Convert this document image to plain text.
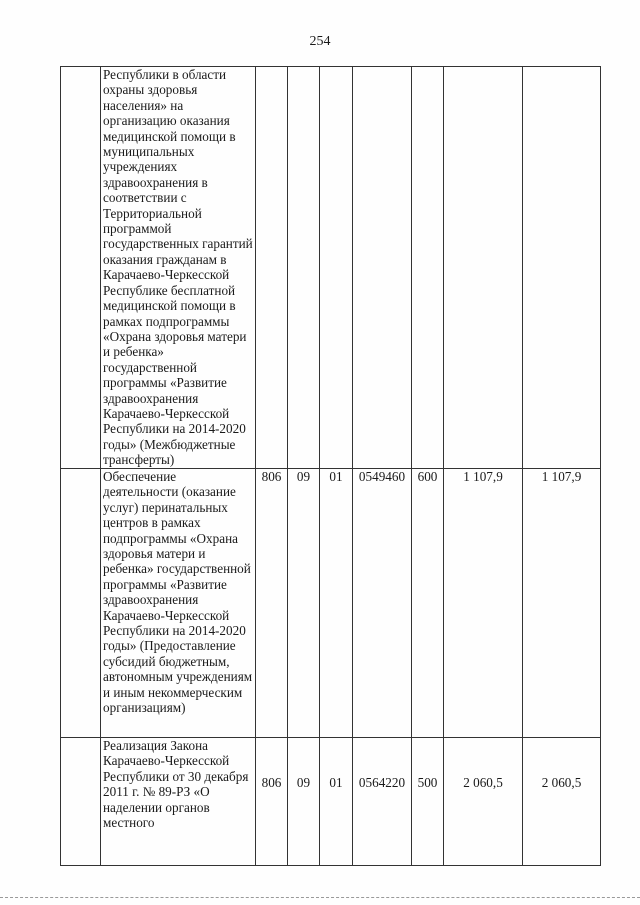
254
	Республики в области охраны здоровья населения» на организацию оказания медицинской помощи в муниципальных учреждениях здравоохранения в соответствии с Территориальной программой государственных гарантий оказания гражданам в Карачаево-Черкесской Республике бесплатной медицинской помощи в рамках подпрограммы «Охрана здоровья матери и ребенка» государственной программы «Развитие здравоохранения Карачаево-Черкесской Республики на 2014-2020 годы» (Межбюджетные трансферты)							
	Обеспечение деятельности (оказание услуг) перинатальных центров в рамках подпрограммы «Охрана здоровья матери и ребенка» государственной программы «Развитие здравоохранения Карачаево-Черкесской Республики на 2014-2020 годы» (Предоставление субсидий бюджетным, автономным учреждениям и иным некоммерческим организациям)	806	09	01	0549460	600	1 107,9	1 107,9
	Реализация Закона Карачаево-Черкесской Республики от 30 декабря 2011 г. № 89-РЗ «О наделении органов местного	806	09	01	0564220	500	2 060,5	2 060,5
